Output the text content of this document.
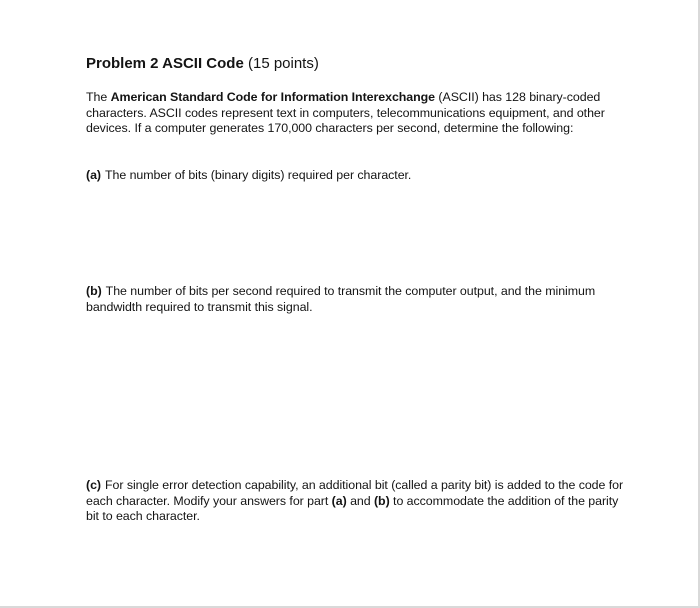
Problem 2 ASCII Code (15 points)
The American Standard Code for Information Interexchange (ASCII) has 128 binary-coded characters. ASCII codes represent text in computers, telecommunications equipment, and other devices. If a computer generates 170,000 characters per second, determine the following:
(a) The number of bits (binary digits) required per character.
(b) The number of bits per second required to transmit the computer output, and the minimum bandwidth required to transmit this signal.
(c) For single error detection capability, an additional bit (called a parity bit) is added to the code for each character. Modify your answers for part (a) and (b) to accommodate the addition of the parity bit to each character.
